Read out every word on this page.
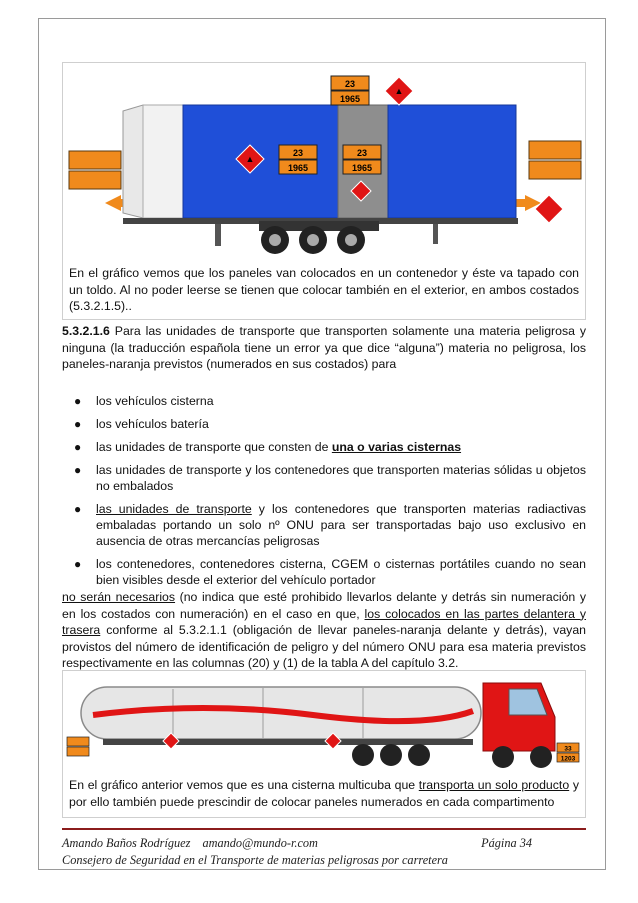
23
1965
▲
▲
23
1965
23
1965
En el gráfico vemos que los paneles van colocados en un contenedor y éste va tapado con un toldo. Al no poder leerse se tienen que colocar también en el exterior, en ambos costados (5.3.2.1.5)..

5.3.2.1.6 Para las unidades de transporte que transporten solamente una materia peligrosa y ninguna (la traducción española tiene un error ya que dice “alguna”) materia no peligrosa, los paneles-naranja previstos (numerados en sus costados) para

● los vehículos cisterna
● los vehículos batería
● las unidades de transporte que consten de una o varias cisternas
● las unidades de transporte y los contenedores que transporten materias sólidas u objetos no embalados
● las unidades de transporte y los contenedores que transporten materias radiactivas embaladas portando un solo nº ONU para ser transportadas bajo uso exclusivo en ausencia de otras mercancías peligrosas
● los contenedores, contenedores cisterna, CGEM o cisternas portátiles cuando no sean bien visibles desde el exterior del vehículo portador

no serán necesarios (no indica que esté prohibido llevarlos delante y detrás sin numeración y en los costados con numeración) en el caso en que, los colocados en las partes delantera y trasera conforme al 5.3.2.1.1 (obligación de llevar paneles-naranja delante y detrás), vayan provistos del número de identificación de peligro y del número ONU para esa materia previstos respectivamente en las columnas (20) y (1) de la tabla A del capítulo 3.2.

33
1203
En el gráfico anterior vemos que es una cisterna multicuba que transporta un solo producto y por ello también puede prescindir de colocar paneles numerados en cada compartimento
Amando Baños Rodríguez amando@mundo-r.com	Página 34
Consejero de Seguridad en el Transporte de materias peligrosas por carretera
